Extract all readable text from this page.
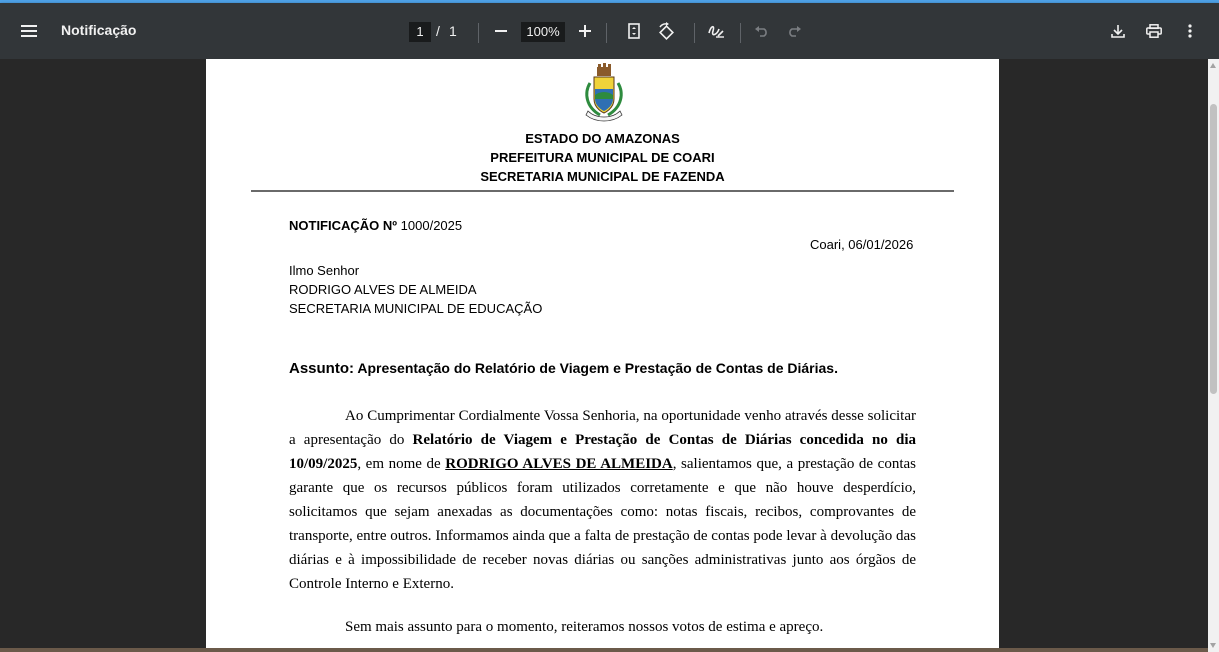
Notificação	1 / 1	100%
ESTADO DO AMAZONAS
PREFEITURA MUNICIPAL DE COARI
SECRETARIA MUNICIPAL DE FAZENDA
NOTIFICAÇÃO Nº 1000/2025
Coari, 06/01/2026
Ilmo Senhor
RODRIGO ALVES DE ALMEIDA
SECRETARIA MUNICIPAL DE EDUCAÇÃO
Assunto: Apresentação do Relatório de Viagem e Prestação de Contas de Diárias.
Ao Cumprimentar Cordialmente Vossa Senhoria, na oportunidade venho através desse solicitar a apresentação do Relatório de Viagem e Prestação de Contas de Diárias concedida no dia 10/09/2025, em nome de RODRIGO ALVES DE ALMEIDA, salientamos que, a prestação de contas garante que os recursos públicos foram utilizados corretamente e que não houve desperdício, solicitamos que sejam anexadas as documentações como: notas fiscais, recibos, comprovantes de transporte, entre outros. Informamos ainda que a falta de prestação de contas pode levar à devolução das diárias e à impossibilidade de receber novas diárias ou sanções administrativas junto aos órgãos de Controle Interno e Externo.
Sem mais assunto para o momento, reiteramos nossos votos de estima e apreço.
